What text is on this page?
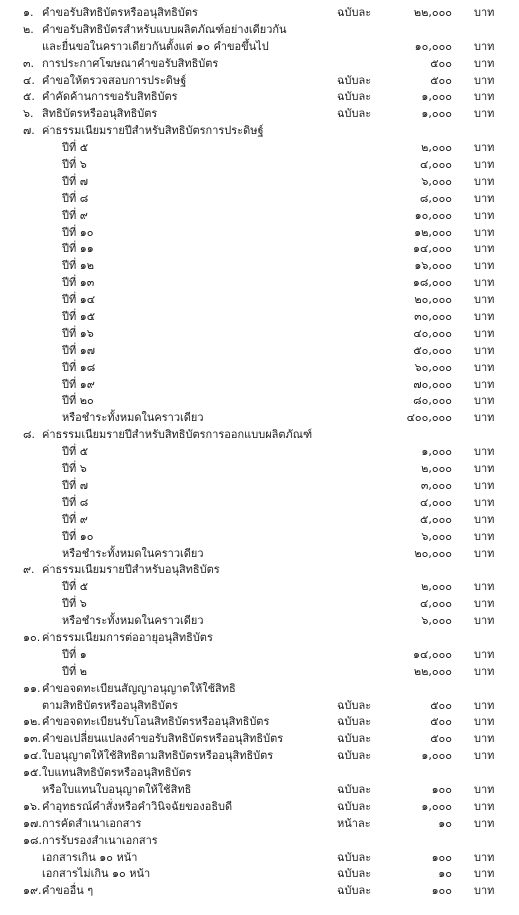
๑. คำขอรับสิทธิบัตรหรืออนุสิทธิบัตร	ฉบับละ	๒๒,๐๐๐ บาท
๒. คำขอรับสิทธิบัตรสำหรับแบบผลิตภัณฑ์อย่างเดียวกัน
และยื่นขอในคราวเดียวกันตั้งแต่ ๑๐ คำขอขึ้นไป	๑๐,๐๐๐ บาท
๓. การประกาศโฆษณาคำขอรับสิทธิบัตร	๕๐๐ บาท
๔. คำขอให้ตรวจสอบการประดิษฐ์	ฉบับละ	๕๐๐ บาท
๕. คำคัดค้านการขอรับสิทธิบัตร	ฉบับละ	๑,๐๐๐ บาท
๖. สิทธิบัตรหรืออนุสิทธิบัตร	ฉบับละ	๑,๐๐๐ บาท
๗. ค่าธรรมเนียมรายปีสำหรับสิทธิบัตรการประดิษฐ์
ปีที่ ๕	๒,๐๐๐ บาท
ปีที่ ๖	๔,๐๐๐ บาท
ปีที่ ๗	๖,๐๐๐ บาท
ปีที่ ๘	๘,๐๐๐ บาท
ปีที่ ๙	๑๐,๐๐๐ บาท
ปีที่ ๑๐	๑๒,๐๐๐ บาท
ปีที่ ๑๑	๑๔,๐๐๐ บาท
ปีที่ ๑๒	๑๖,๐๐๐ บาท
ปีที่ ๑๓	๑๘,๐๐๐ บาท
ปีที่ ๑๔	๒๐,๐๐๐ บาท
ปีที่ ๑๕	๓๐,๐๐๐ บาท
ปีที่ ๑๖	๔๐,๐๐๐ บาท
ปีที่ ๑๗	๕๐,๐๐๐ บาท
ปีที่ ๑๘	๖๐,๐๐๐ บาท
ปีที่ ๑๙	๗๐,๐๐๐ บาท
ปีที่ ๒๐	๘๐,๐๐๐ บาท
หรือชำระทั้งหมดในคราวเดียว	๔๐๐,๐๐๐ บาท
๘. ค่าธรรมเนียมรายปีสำหรับสิทธิบัตรการออกแบบผลิตภัณฑ์
ปีที่ ๕	๑,๐๐๐ บาท
ปีที่ ๖	๒,๐๐๐ บาท
ปีที่ ๗	๓,๐๐๐ บาท
ปีที่ ๘	๔,๐๐๐ บาท
ปีที่ ๙	๕,๐๐๐ บาท
ปีที่ ๑๐	๖,๐๐๐ บาท
หรือชำระทั้งหมดในคราวเดียว	๒๐,๐๐๐ บาท
๙. ค่าธรรมเนียมรายปีสำหรับอนุสิทธิบัตร
ปีที่ ๕	๒,๐๐๐ บาท
ปีที่ ๖	๔,๐๐๐ บาท
หรือชำระทั้งหมดในคราวเดียว	๖,๐๐๐ บาท
๑๐. ค่าธรรมเนียมการต่ออายุอนุสิทธิบัตร
ปีที่ ๑	๑๔,๐๐๐ บาท
ปีที่ ๒	๒๒,๐๐๐ บาท
๑๑. คำขอจดทะเบียนสัญญาอนุญาตให้ใช้สิทธิ
ตามสิทธิบัตรหรืออนุสิทธิบัตร	ฉบับละ	๕๐๐ บาท
๑๒. คำขอจดทะเบียนรับโอนสิทธิบัตรหรืออนุสิทธิบัตร	ฉบับละ	๕๐๐ บาท
๑๓. คำขอเปลี่ยนแปลงคำขอรับสิทธิบัตรหรืออนุสิทธิบัตร	ฉบับละ	๕๐๐ บาท
๑๔. ใบอนุญาตให้ใช้สิทธิตามสิทธิบัตรหรืออนุสิทธิบัตร	ฉบับละ	๑,๐๐๐ บาท
๑๕. ใบแทนสิทธิบัตรหรืออนุสิทธิบัตร
หรือใบแทนใบอนุญาตให้ใช้สิทธิ	ฉบับละ	๑๐๐ บาท
๑๖. คำอุทธรณ์คำสั่งหรือคำวินิจฉัยของอธิบดี	ฉบับละ	๑,๐๐๐ บาท
๑๗. การคัดสำเนาเอกสาร	หน้าละ	๑๐ บาท
๑๘. การรับรองสำเนาเอกสาร
เอกสารเกิน ๑๐ หน้า	ฉบับละ	๑๐๐ บาท
เอกสารไม่เกิน ๑๐ หน้า	ฉบับละ	๑๐ บาท
๑๙. คำขออื่น ๆ	ฉบับละ	๑๐๐ บาท
